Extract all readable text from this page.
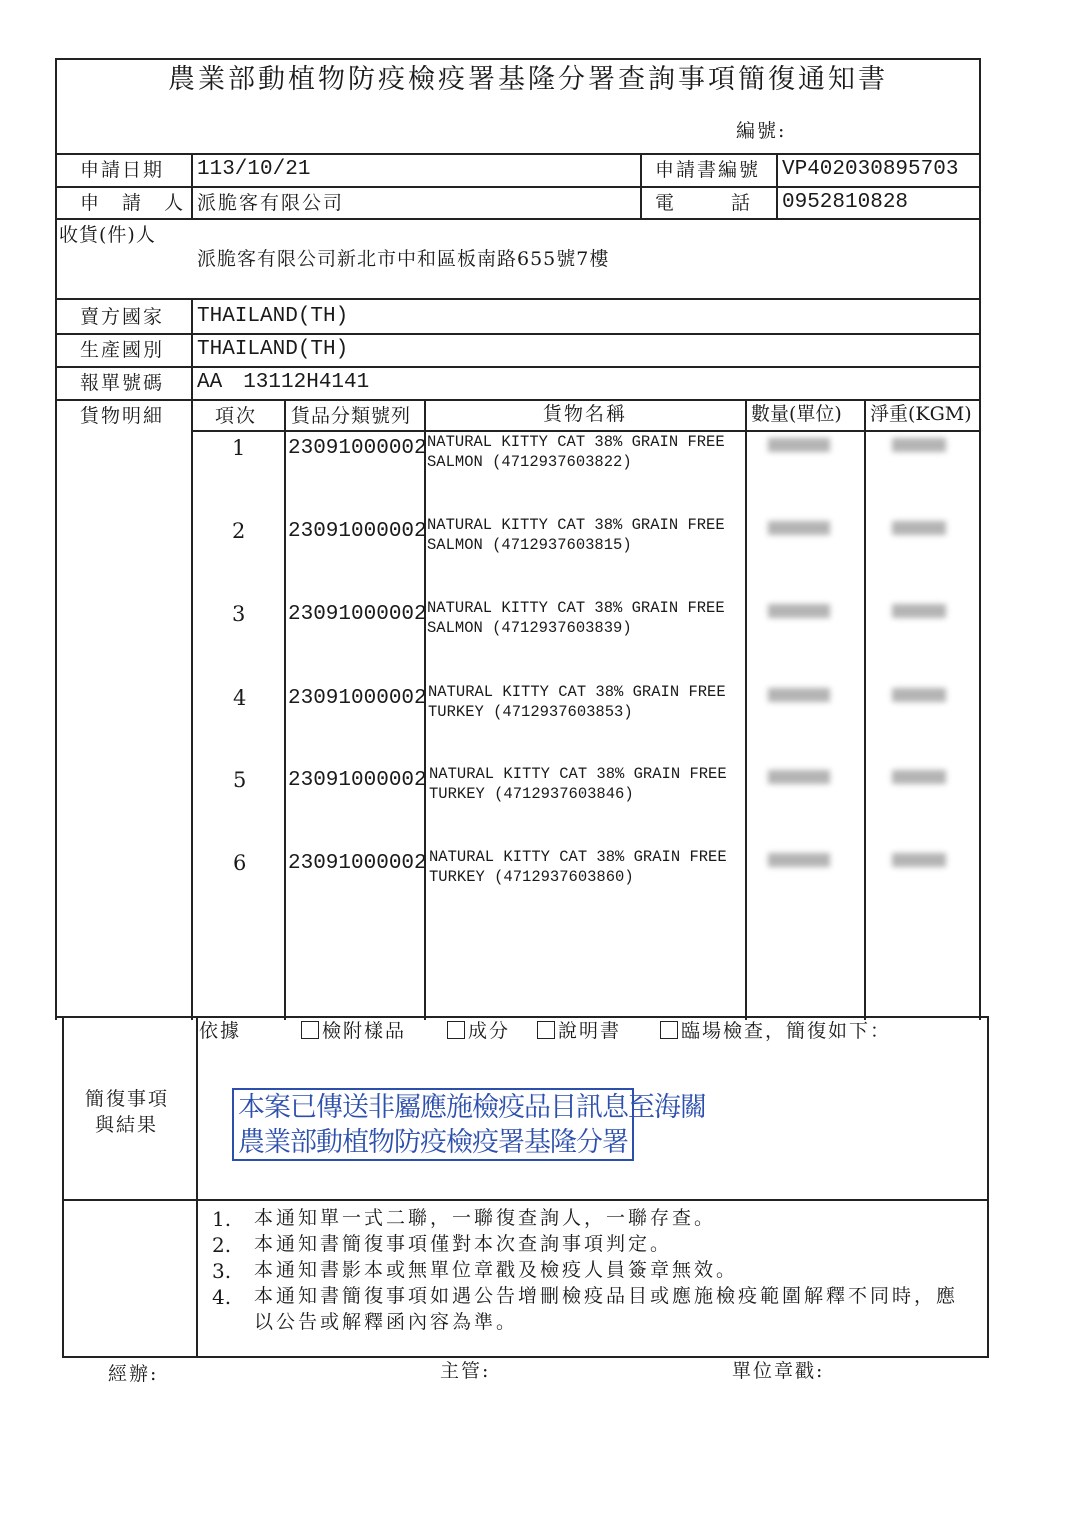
農業部動植物防疫檢疫署基隆分署查詢事項簡復通知書
編號:
申請日期 113/10/21	申請書編號 VP402030895703
申　請　人 派脆客有限公司	電　　　話 0952810828
收貨(件)人
派脆客有限公司新北市中和區板南路655號7樓
賣方國家 THAILAND(TH)
生產國別 THAILAND(TH)
報單號碼 AA　13112H4141
貨物明細	項次 貨品分類號列	貨物名稱	數量(單位) 淨重(KGM)
1 23091000002 NATURAL KITTY CAT 38% GRAIN FREE
SALMON (4712937603822)
2 23091000002 NATURAL KITTY CAT 38% GRAIN FREE
SALMON (4712937603815)
3 23091000002 NATURAL KITTY CAT 38% GRAIN FREE
SALMON (4712937603839)
4 23091000002 NATURAL KITTY CAT 38% GRAIN FREE
TURKEY (4712937603853)
5 23091000002 NATURAL KITTY CAT 38% GRAIN FREE
TURKEY (4712937603846)
6 23091000002 NATURAL KITTY CAT 38% GRAIN FREE
TURKEY (4712937603860)
依據	檢附樣品	成分	說明書	臨場檢查，簡復如下：
簡復事項
與結果
本案已傳送非屬應施檢疫品目訊息至海關
農業部動植物防疫檢疫署基隆分署
1. 本通知單一式二聯，一聯復查詢人，一聯存查。
2. 本通知書簡復事項僅對本次查詢事項判定。
3. 本通知書影本或無單位章戳及檢疫人員簽章無效。
4. 本通知書簡復事項如遇公告增刪檢疫品目或應施檢疫範圍解釋不同時，應
以公告或解釋函內容為準。
經辦:	主管:	單位章戳:
